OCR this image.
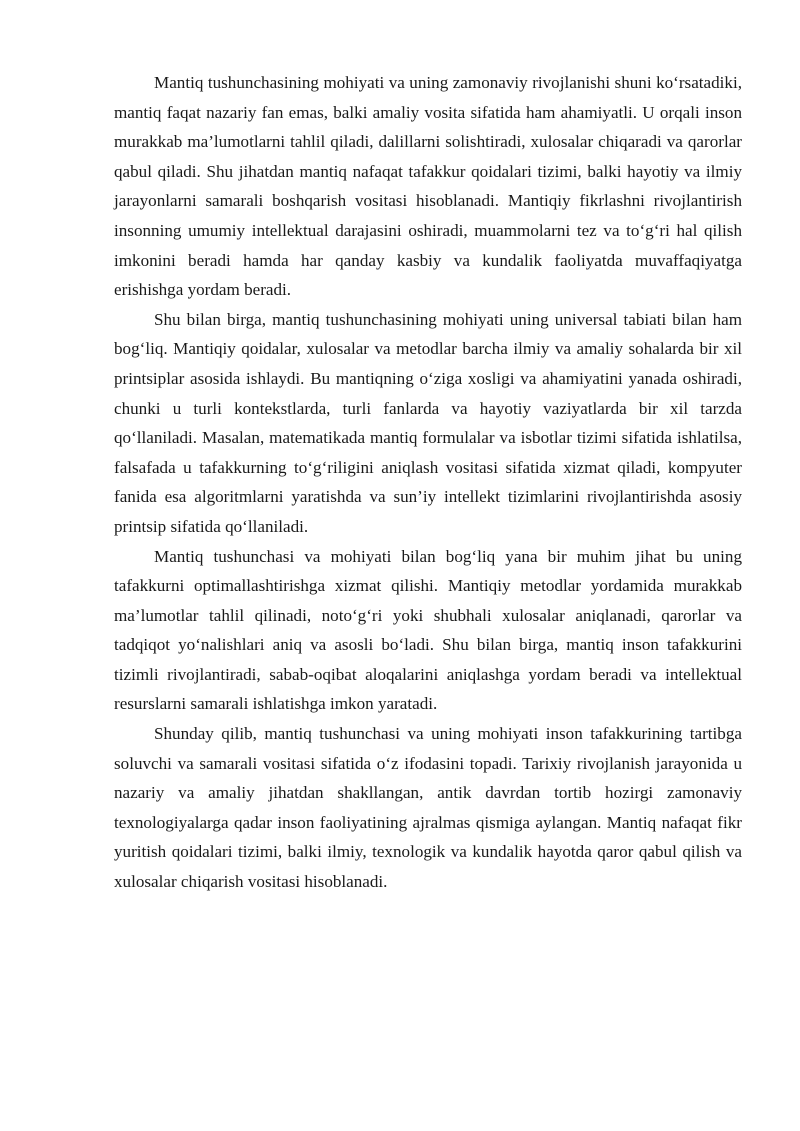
Mantiq tushunchasining mohiyati va uning zamonaviy rivojlanishi shuni ko‘rsatadiki, mantiq faqat nazariy fan emas, balki amaliy vosita sifatida ham ahamiyatli. U orqali inson murakkab ma’lumotlarni tahlil qiladi, dalillarni solishtiradi, xulosalar chiqaradi va qarorlar qabul qiladi. Shu jihatdan mantiq nafaqat tafakkur qoidalari tizimi, balki hayotiy va ilmiy jarayonlarni samarali boshqarish vositasi hisoblanadi. Mantiqiy fikrlashni rivojlantirish insonning umumiy intellektual darajasini oshiradi, muammolarni tez va to‘g‘ri hal qilish imkonini beradi hamda har qanday kasbiy va kundalik faoliyatda muvaffaqiyatga erishishga yordam beradi.

Shu bilan birga, mantiq tushunchasining mohiyati uning universal tabiati bilan ham bog‘liq. Mantiqiy qoidalar, xulosalar va metodlar barcha ilmiy va amaliy sohalarda bir xil printsiplar asosida ishlaydi. Bu mantiqning o‘ziga xosligi va ahamiyatini yanada oshiradi, chunki u turli kontekstlarda, turli fanlarda va hayotiy vaziyatlarda bir xil tarzda qo‘llaniladi. Masalan, matematikada mantiq formulalar va isbotlar tizimi sifatida ishlatilsa, falsafada u tafakkurning to‘g‘riligini aniqlash vositasi sifatida xizmat qiladi, kompyuter fanida esa algoritmlarni yaratishda va sun’iy intellekt tizimlarini rivojlantirishda asosiy printsip sifatida qo‘llaniladi.

Mantiq tushunchasi va mohiyati bilan bog‘liq yana bir muhim jihat bu uning tafakkurni optimallashtirishga xizmat qilishi. Mantiqiy metodlar yordamida murakkab ma’lumotlar tahlil qilinadi, noto‘g‘ri yoki shubhali xulosalar aniqlanadi, qarorlar va tadqiqot yo‘nalishlari aniq va asosli bo‘ladi. Shu bilan birga, mantiq inson tafakkurini tizimli rivojlantiradi, sabab-oqibat aloqalarini aniqlashga yordam beradi va intellektual resurslarni samarali ishlatishga imkon yaratadi.

Shunday qilib, mantiq tushunchasi va uning mohiyati inson tafakkurining tartibga soluvchi va samarali vositasi sifatida o‘z ifodasini topadi. Tarixiy rivojlanish jarayonida u nazariy va amaliy jihatdan shakllangan, antik davrdan tortib hozirgi zamonaviy texnologiyalarga qadar inson faoliyatining ajralmas qismiga aylangan. Mantiq nafaqat fikr yuritish qoidalari tizimi, balki ilmiy, texnologik va kundalik hayotda qaror qabul qilish va xulosalar chiqarish vositasi hisoblanadi.
